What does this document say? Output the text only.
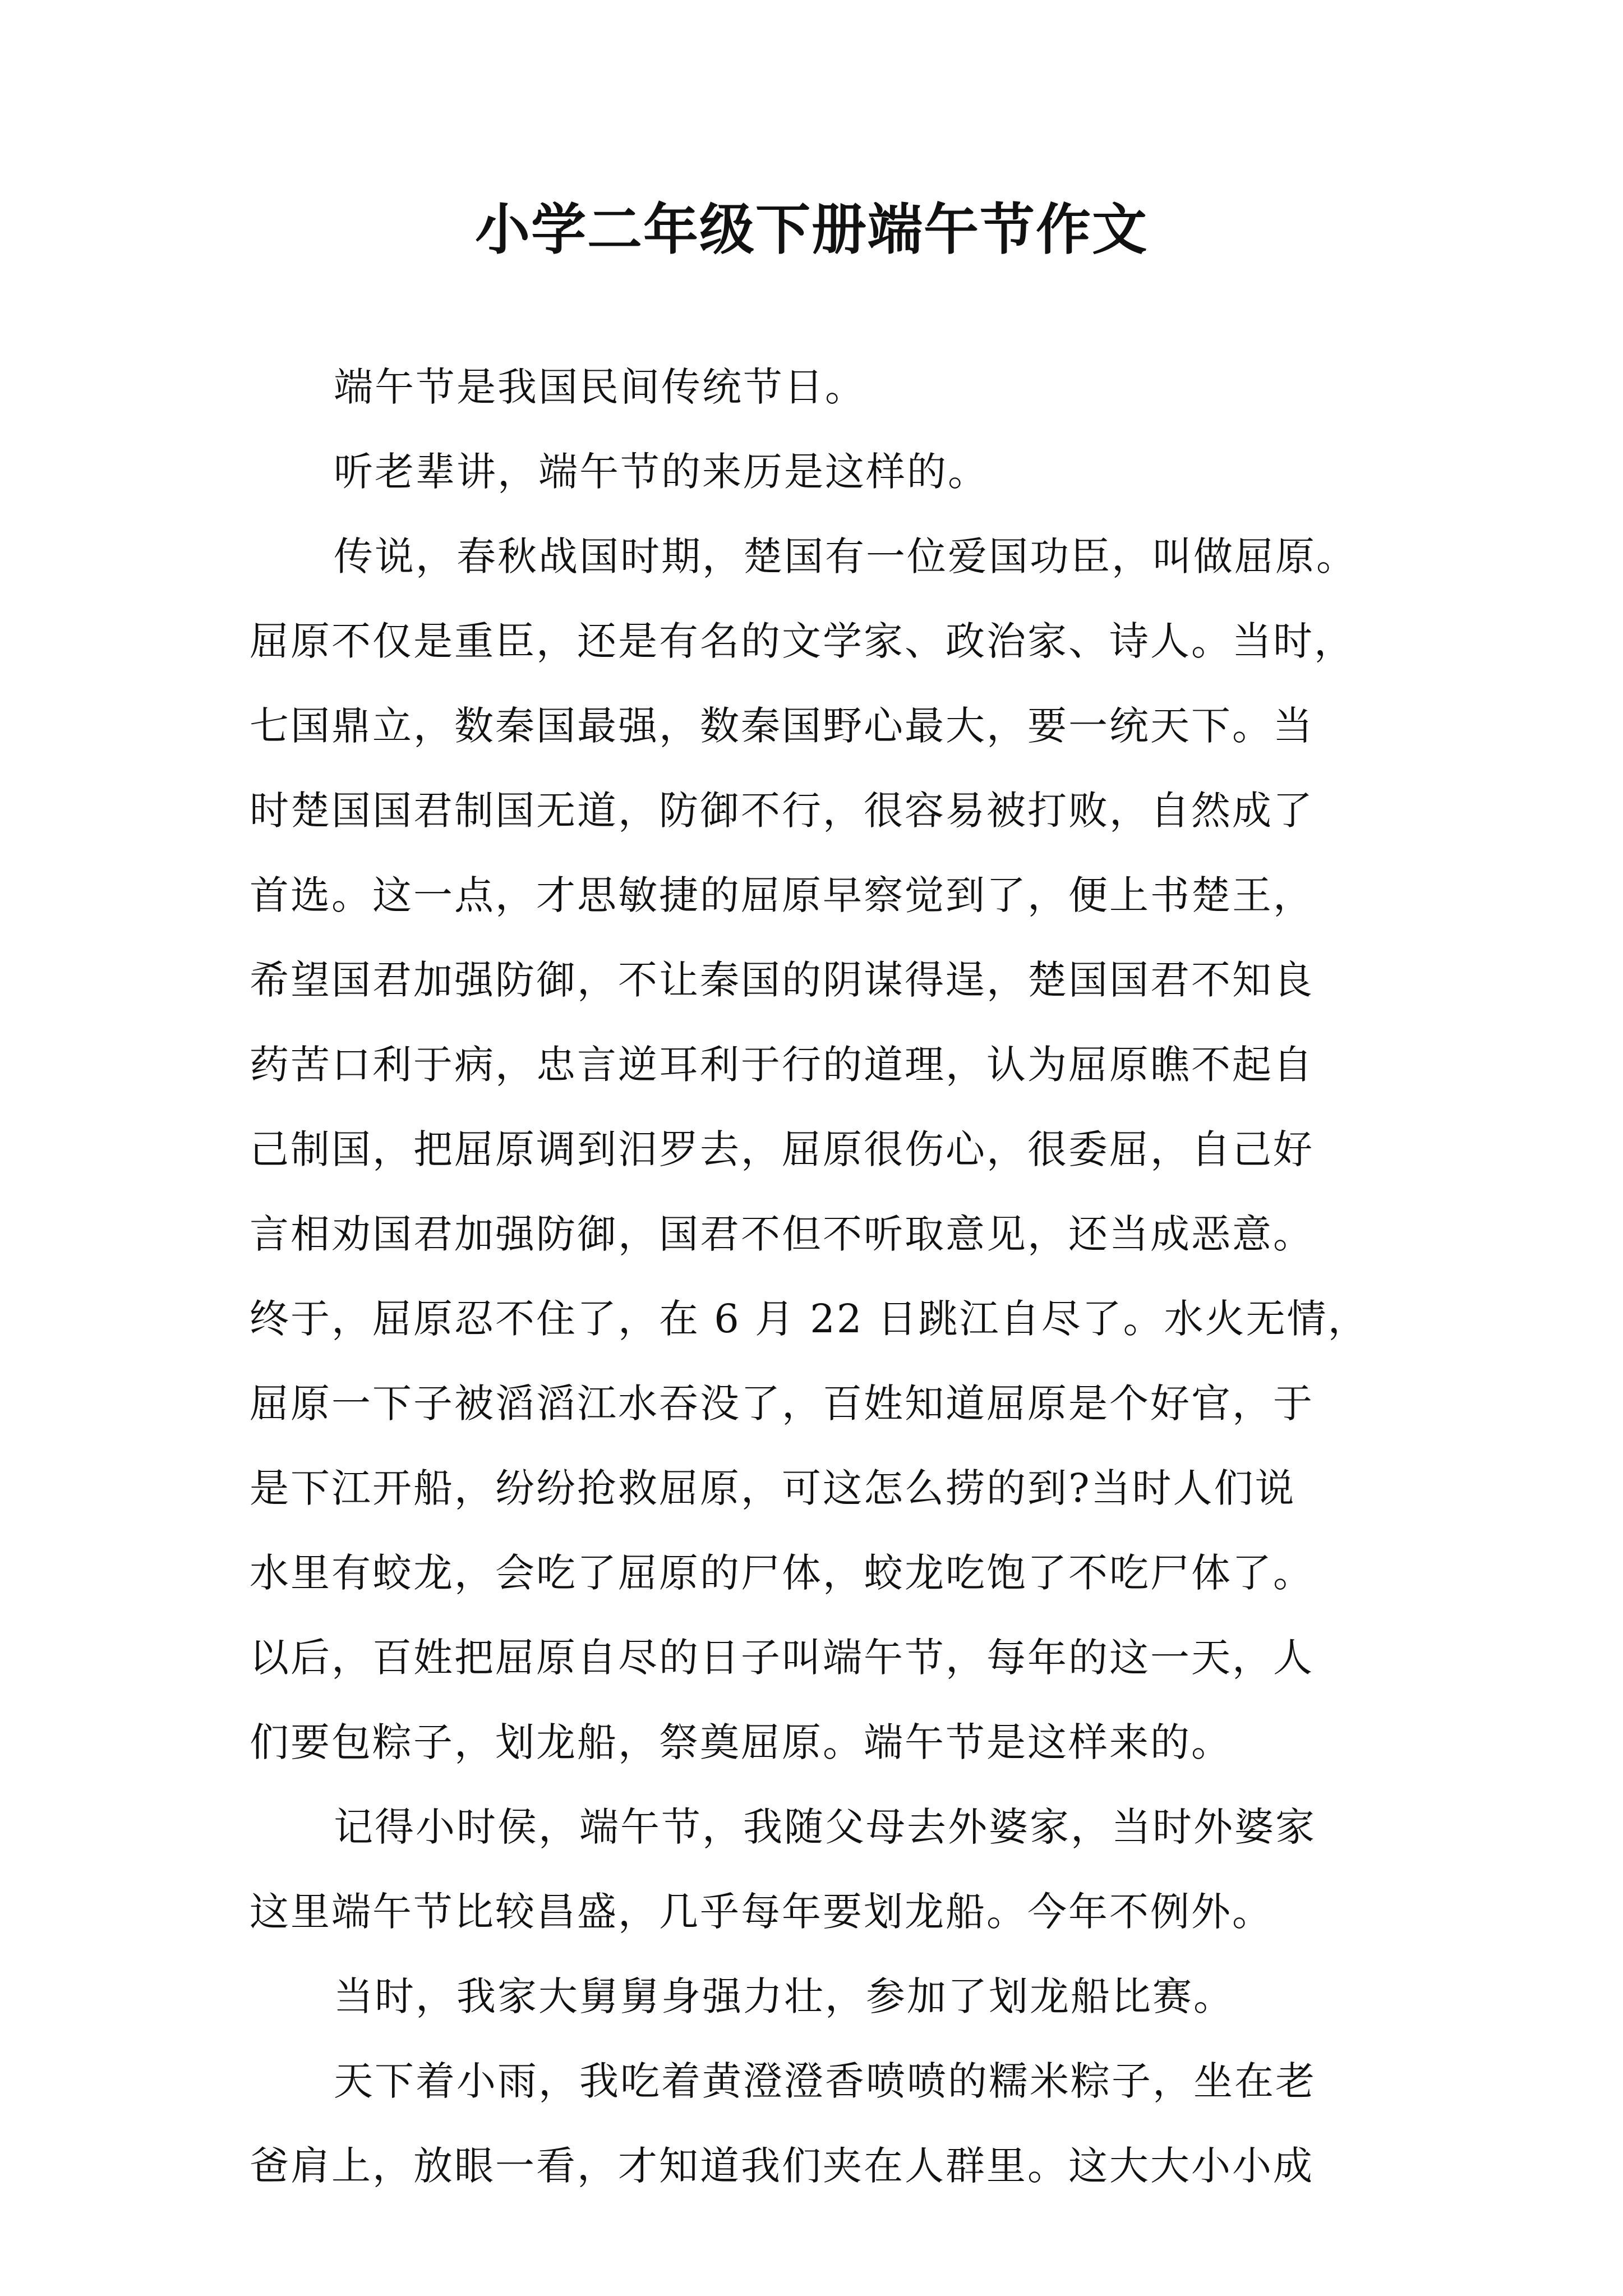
小学二年级下册端午节作文
端午节是我国民间传统节日。
听老辈讲，端午节的来历是这样的。
传说，春秋战国时期，楚国有一位爱国功臣，叫做屈原。
屈原不仅是重臣，还是有名的文学家、政治家、诗人。当时，
七国鼎立，数秦国最强，数秦国野心最大，要一统天下。当
时楚国国君制国无道，防御不行，很容易被打败，自然成了
首选。这一点，才思敏捷的屈原早察觉到了，便上书楚王，
希望国君加强防御，不让秦国的阴谋得逞，楚国国君不知良
药苦口利于病，忠言逆耳利于行的道理，认为屈原瞧不起自
己制国，把屈原调到汨罗去，屈原很伤心，很委屈，自己好
言相劝国君加强防御，国君不但不听取意见，还当成恶意。
终于，屈原忍不住了，在 6 月 22 日跳江自尽了。水火无情，
屈原一下子被滔滔江水吞没了，百姓知道屈原是个好官，于
是下江开船，纷纷抢救屈原，可这怎么捞的到?当时人们说
水里有蛟龙，会吃了屈原的尸体，蛟龙吃饱了不吃尸体了。
以后，百姓把屈原自尽的日子叫端午节，每年的这一天，人
们要包粽子，划龙船，祭奠屈原。端午节是这样来的。
记得小时侯，端午节，我随父母去外婆家，当时外婆家
这里端午节比较昌盛，几乎每年要划龙船。今年不例外。
当时，我家大舅舅身强力壮，参加了划龙船比赛。
天下着小雨，我吃着黄澄澄香喷喷的糯米粽子，坐在老
爸肩上，放眼一看，才知道我们夹在人群里。这大大小小成
